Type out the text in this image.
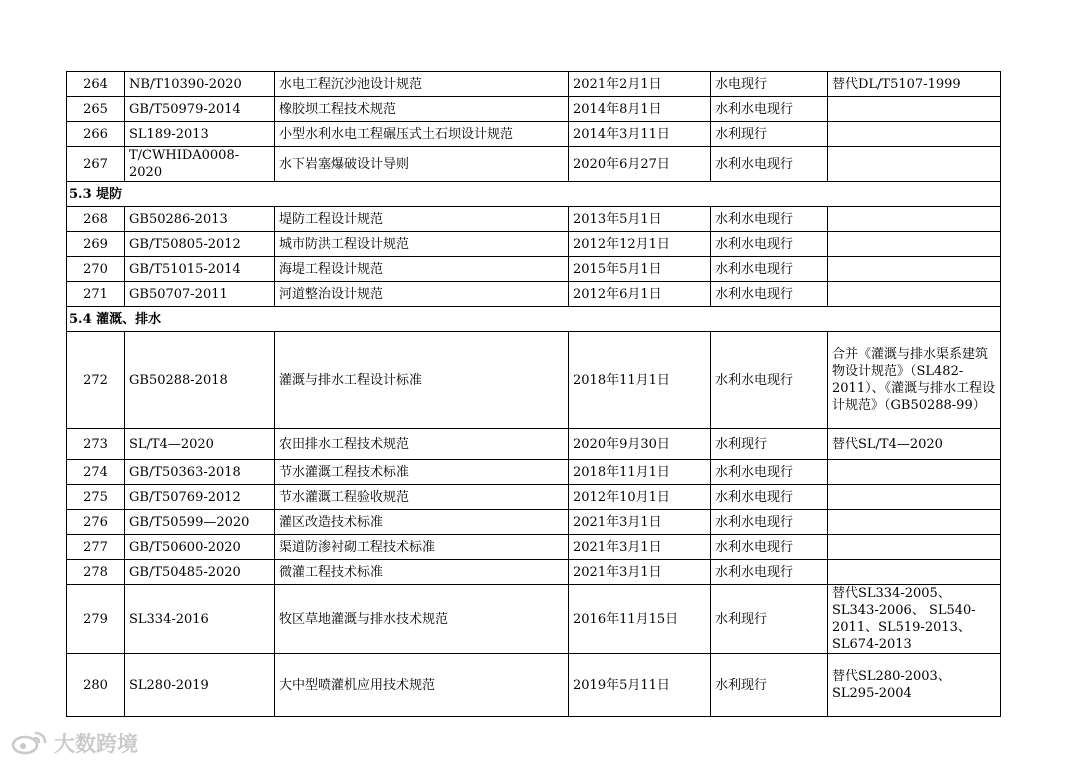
264	NB/T10390-2020	水电工程沉沙池设计规范	2021年2月1日	水电现行	替代DL/T5107-1999
265	GB/T50979-2014	橡胶坝工程技术规范	2014年8月1日	水利水电现行	
266	SL189-2013	小型水利水电工程碾压式土石坝设计规范	2014年3月11日	水利现行	
267	T/CWHIDA0008-2020	水下岩塞爆破设计导则	2020年6月27日	水利水电现行	
5.3 堤防					
268	GB50286-2013	堤防工程设计规范	2013年5月1日	水利水电现行	
269	GB/T50805-2012	城市防洪工程设计规范	2012年12月1日	水利水电现行	
270	GB/T51015-2014	海堤工程设计规范	2015年5月1日	水利水电现行	
271	GB50707-2011	河道整治设计规范	2012年6月1日	水利水电现行	
5.4 灌溉、排水					
272	GB50288-2018	灌溉与排水工程设计标准	2018年11月1日	水利水电现行	合并《灌溉与排水渠系建筑物设计规范》（SL482-2011）、《灌溉与排水工程设计规范》（GB50288-99）
273	SL/T4—2020	农田排水工程技术规范	2020年9月30日	水利现行	替代SL/T4—2020
274	GB/T50363-2018	节水灌溉工程技术标准	2018年11月1日	水利水电现行	
275	GB/T50769-2012	节水灌溉工程验收规范	2012年10月1日	水利水电现行	
276	GB/T50599—2020	灌区改造技术标准	2021年3月1日	水利水电现行	
277	GB/T50600-2020	渠道防渗衬砌工程技术标准	2021年3月1日	水利水电现行	
278	GB/T50485-2020	微灌工程技术标准	2021年3月1日	水利水电现行	
279	SL334-2016	牧区草地灌溉与排水技术规范	2016年11月15日	水利现行	替代SL334-2005、SL343-2006、 SL540-2011、SL519-2013、SL674-2013
280	SL280-2019	大中型喷灌机应用技术规范	2019年5月11日	水利现行	替代SL280-2003、SL295-2004
大数跨境
